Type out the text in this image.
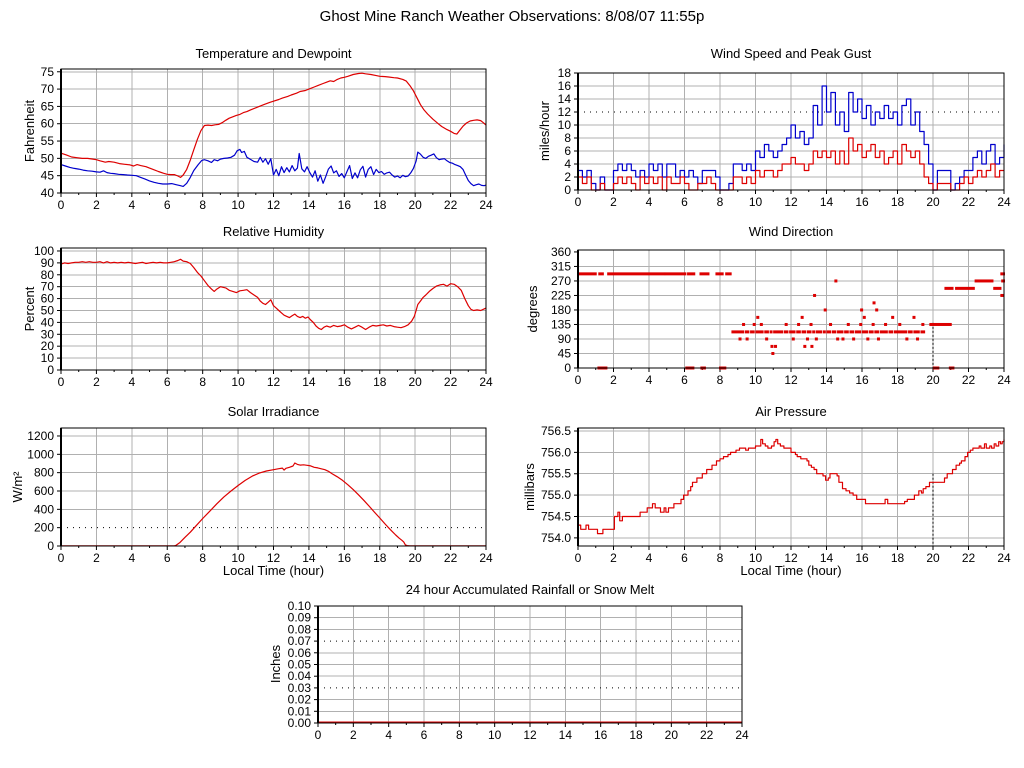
Ghost Mine Ranch Weather Observations: 8/08/07 11:55p
0 2 4 6 8 10 12 14 16 18 20 22 24
40
45
50
55
60
65
70
75
0 2 4 6 8 10 12 14 16 18 20 22 24
0
2
4
6
8
10
12
14
16
18
0 2 4 6 8 10 12 14 16 18 20 22 24
0
10
20
30
40
50
60
70
80
90
100
0 2 4 6 8 10 12 14 16 18 20 22 24
0
45
90
135
180
225
270
315
360
0 2 4 6 8 10 12 14 16 18 20 22 24
0
200
400
600
800
1000
1200
0 2 4 6 8 10 12 14 16 18 20 22 24
754.0
754.5
755.0
755.5
756.0
756.5
0 2 4 6 8 10 12 14 16 18 20 22 24
0.00
0.01
0.02
0.03
0.04
0.05
0.06
0.07
0.08
0.09
0.10
Temperature and Dewpoint	Wind Speed and Peak Gust
Relative Humidity	Wind Direction
Solar Irradiance	Air Pressure
24 hour Accumulated Rainfall or Snow Melt
Fahrenheit	miles/hour
Percent	degrees
W/m²	millibars
Inches
Local Time (hour)	Local Time (hour)
